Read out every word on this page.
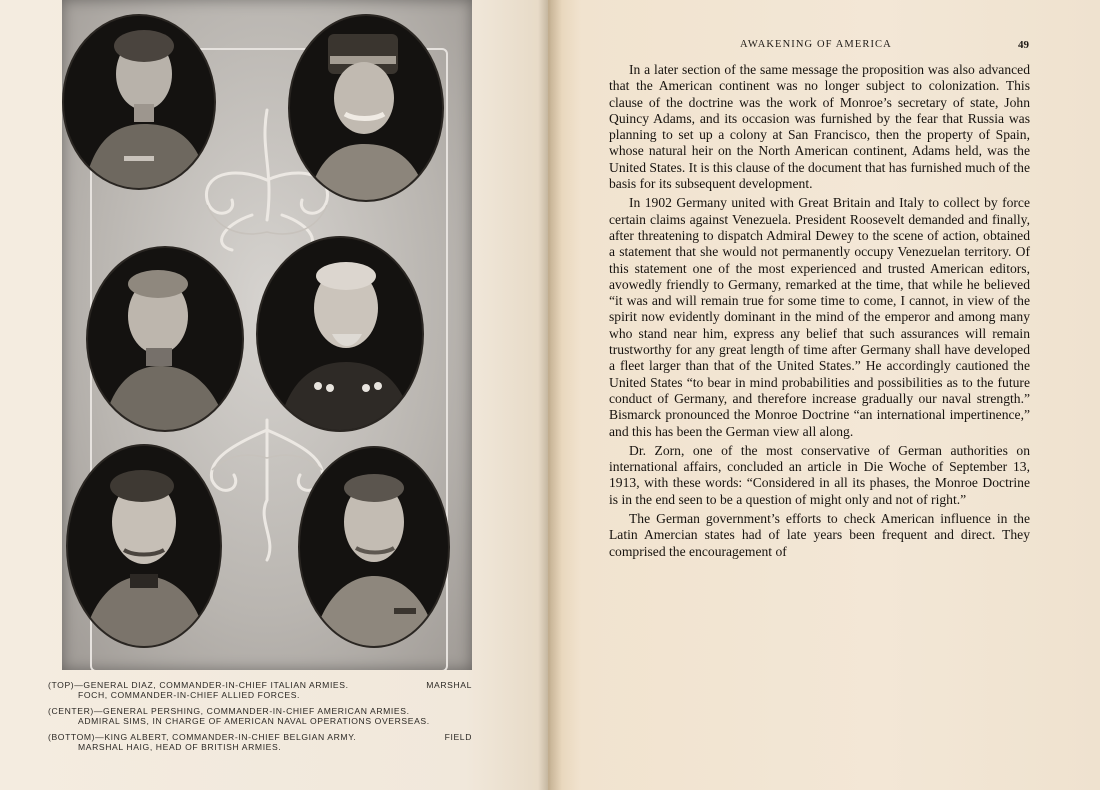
(TOP)—GENERAL DIAZ, COMMANDER-IN-CHIEF ITALIAN ARMIES.	MARSHAL
FOCH, COMMANDER-IN-CHIEF ALLIED FORCES.
(CENTER)—GENERAL PERSHING, COMMANDER-IN-CHIEF AMERICAN ARMIES.
ADMIRAL SIMS, IN CHARGE OF AMERICAN NAVAL OPERATIONS OVERSEAS.
(BOTTOM)—KING ALBERT, COMMANDER-IN-CHIEF BELGIAN ARMY.	FIELD
MARSHAL HAIG, HEAD OF BRITISH ARMIES.
AWAKENING OF AMERICA	49

In a later section of the same message the proposition was also advanced that the American continent was no longer subject to colonization. This clause of the doctrine was the work of Monroe’s secretary of state, John Quincy Adams, and its occasion was furnished by the fear that Russia was planning to set up a colony at San Francisco, then the property of Spain, whose natural heir on the North American continent, Adams held, was the United States. It is this clause of the document that has furnished much of the basis for its subsequent development.

In 1902 Germany united with Great Britain and Italy to collect by force certain claims against Venezuela. President Roosevelt demanded and finally, after threatening to dispatch Admiral Dewey to the scene of action, obtained a statement that she would not permanently occupy Venezuelan territory. Of this statement one of the most experienced and trusted American editors, avowedly friendly to Germany, remarked at the time, that while he believed “it was and will remain true for some time to come, I cannot, in view of the spirit now evidently dominant in the mind of the emperor and among many who stand near him, express any belief that such assurances will remain trustworthy for any great length of time after Germany shall have developed a fleet larger than that of the United States.” He accordingly cautioned the United States “to bear in mind probabilities and possibilities as to the future conduct of Germany, and therefore increase gradually our naval strength.” Bismarck pronounced the Monroe Doctrine “an international impertinence,” and this has been the German view all along.

Dr. Zorn, one of the most conservative of German authorities on international affairs, concluded an article in Die Woche of September 13, 1913, with these words: “Considered in all its phases, the Monroe Doctrine is in the end seen to be a question of might only and not of right.”

The German government’s efforts to check American influence in the Latin Amercian states had of late years been frequent and direct. They comprised the encouragement of
